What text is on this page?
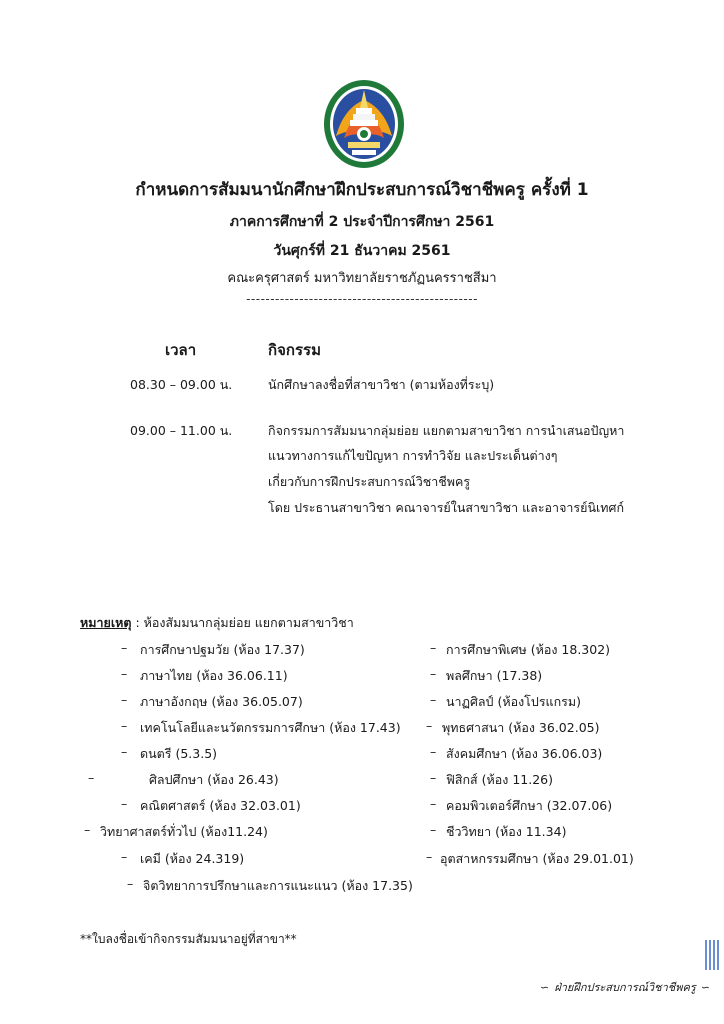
กำหนดการสัมมนานักศึกษาฝึกประสบการณ์วิชาชีพครู ครั้งที่ 1
ภาคการศึกษาที่ 2 ประจำปีการศึกษา 2561
วันศุกร์ที่ 21 ธันวาคม 2561
คณะครุศาสตร์ มหาวิทยาลัยราชภัฏนครราชสีมา
------------------------------------------------
เวลา	กิจกรรม
08.30 – 09.00 น.	นักศึกษาลงชื่อที่สาขาวิชา (ตามห้องที่ระบุ)
09.00 – 11.00 น.	กิจกรรมการสัมมนากลุ่มย่อย แยกตามสาขาวิชา การนำเสนอปัญหา
แนวทางการแก้ไขปัญหา การทำวิจัย และประเด็นต่างๆ
เกี่ยวกับการฝึกประสบการณ์วิชาชีพครู
โดย ประธานสาขาวิชา คณาจารย์ในสาขาวิชา และอาจารย์นิเทศก์
หมายเหตุ : ห้องสัมมนากลุ่มย่อย แยกตามสาขาวิชา
– การศึกษาปฐมวัย (ห้อง 17.37)
– ภาษาไทย (ห้อง 36.06.11)
– ภาษาอังกฤษ (ห้อง 36.05.07)
– เทคโนโลยีและนวัตกรรมการศึกษา (ห้อง 17.43)
– ดนตรี (5.3.5)
–	ศิลปศึกษา (ห้อง 26.43)
– คณิตศาสตร์ (ห้อง 32.03.01)
– วิทยาศาสตร์ทั่วไป (ห้อง11.24)
– เคมี (ห้อง 24.319)
– จิตวิทยาการปรึกษาและการแนะแนว (ห้อง 17.35)
– การศึกษาพิเศษ (ห้อง 18.302)
– พลศึกษา (17.38)
– นาฏศิลป์ (ห้องโปรแกรม)
– พุทธศาสนา (ห้อง 36.02.05)
– สังคมศึกษา (ห้อง 36.06.03)
– ฟิสิกส์ (ห้อง 11.26)
– คอมพิวเตอร์ศึกษา (32.07.06)
– ชีววิทยา (ห้อง 11.34)
– อุตสาหกรรมศึกษา (ห้อง 29.01.01)
**ใบลงชื่อเข้ากิจกรรมสัมมนาอยู่ที่สาขา**
∽ ฝ่ายฝึกประสบการณ์วิชาชีพครู ∽
